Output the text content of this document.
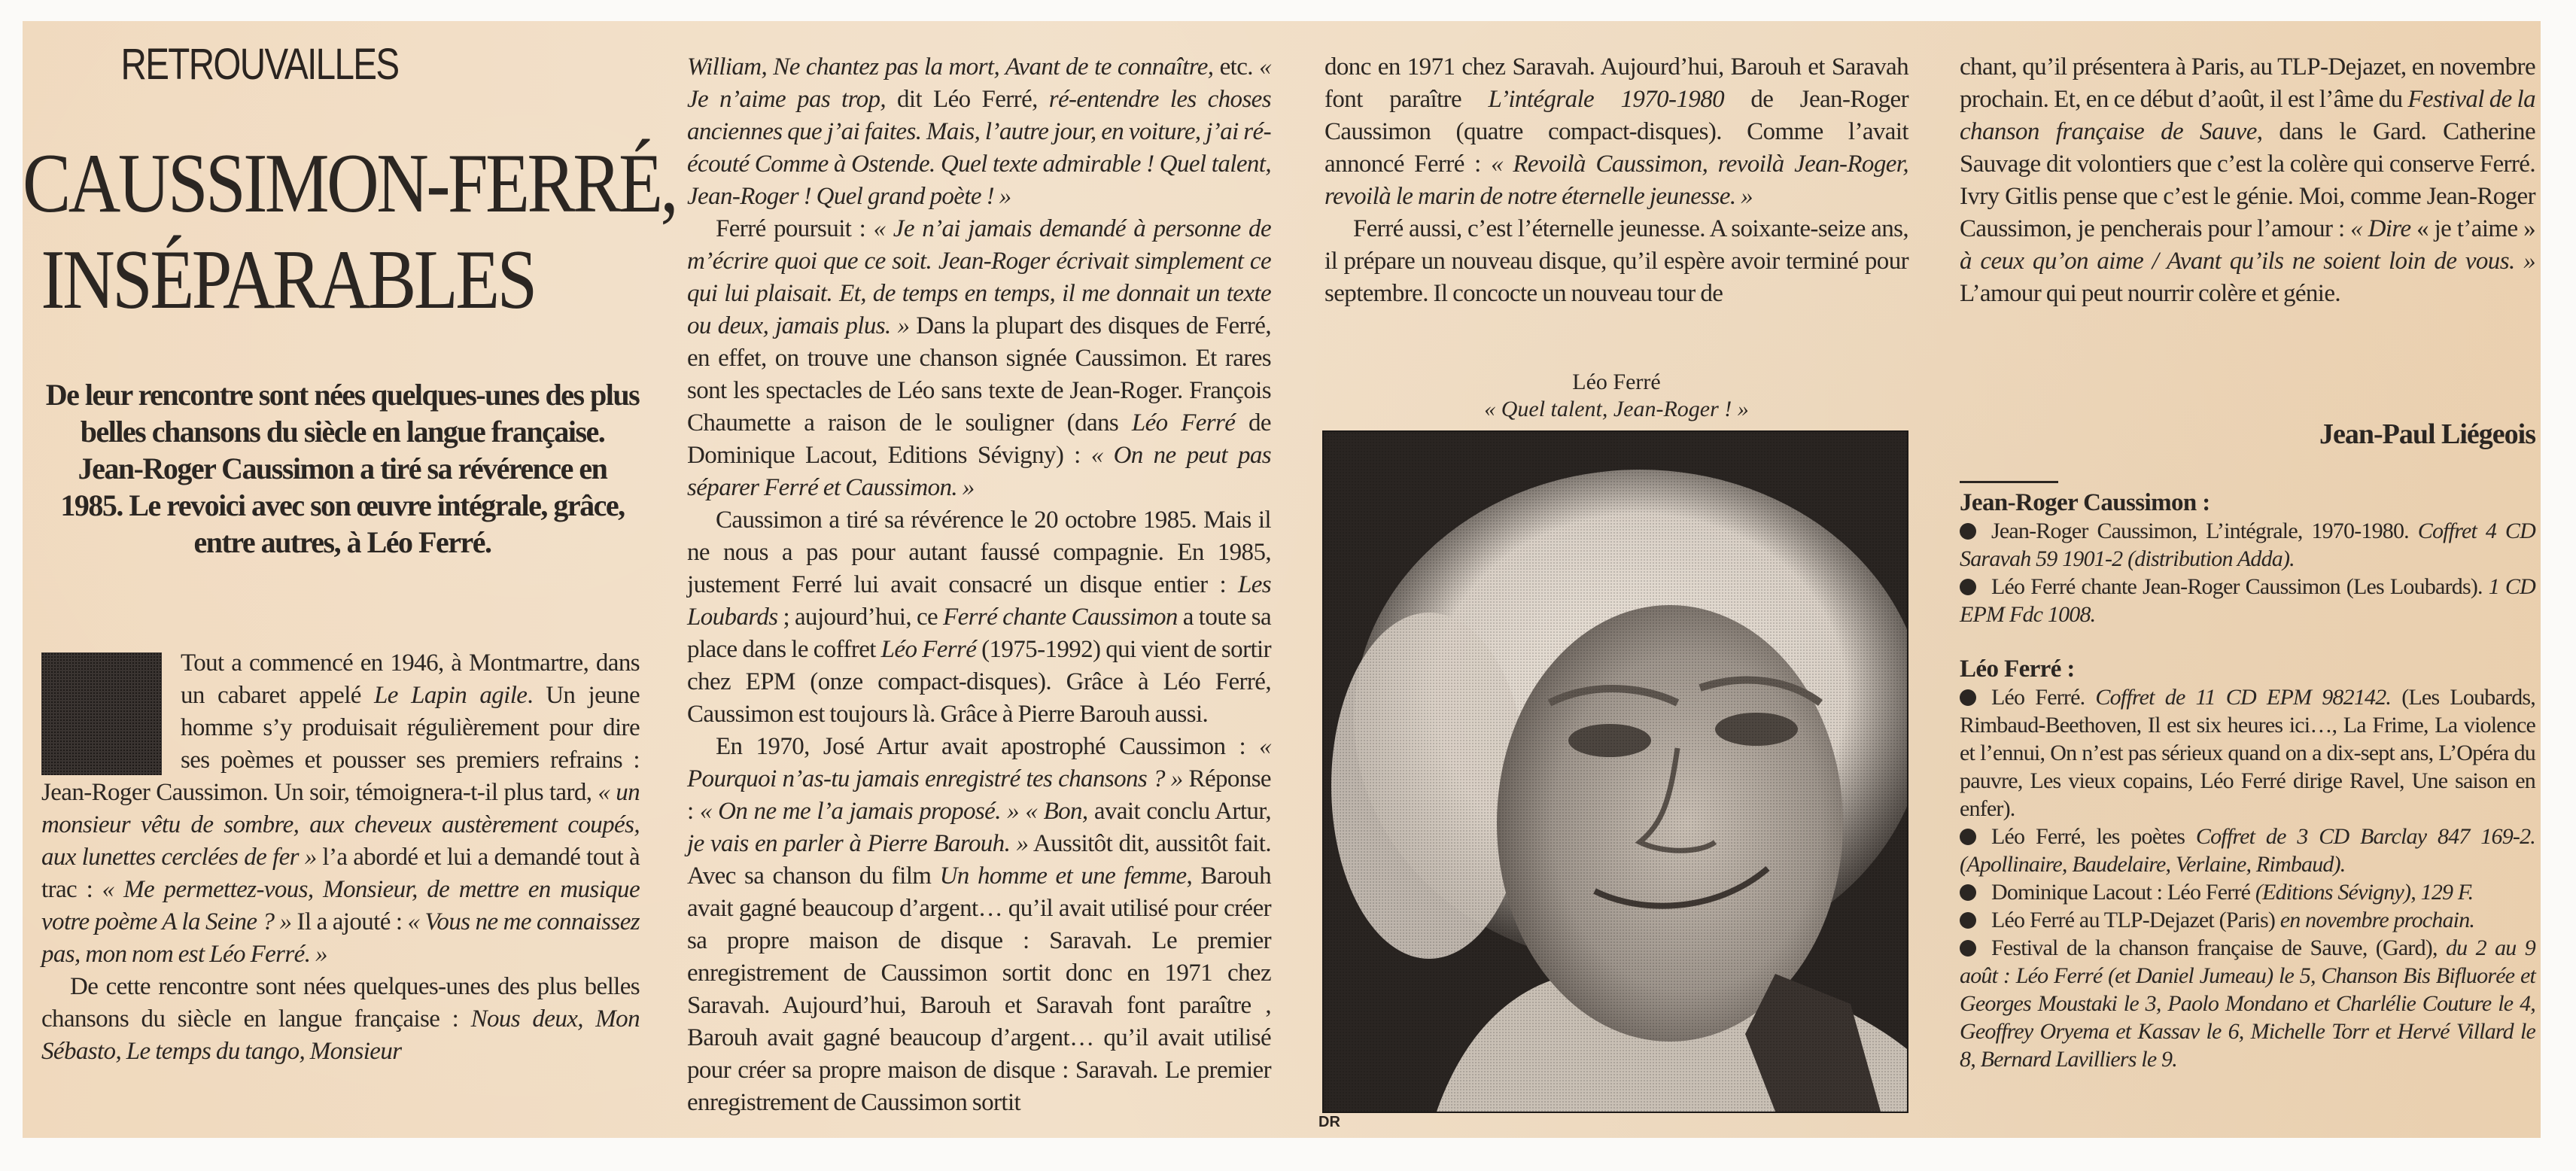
RETROUVAILLES
CAUSSIMON-FERRÉ,
INSÉPARABLES

De leur rencontre sont nées quelques-unes des plus belles chansons du siècle en langue française. Jean-Roger Caussimon a tiré sa révérence en 1985. Le revoici avec son œuvre intégrale, grâce, entre autres, à Léo Ferré.

Tout a commencé en 1946, à Montmartre, dans un cabaret appelé Le Lapin agile. Un jeune homme s’y produisait régulièrement pour dire ses poèmes et pousser ses premiers refrains : Jean-Roger Caussimon. Un soir, témoignera-t-il plus tard, « un monsieur vêtu de sombre, aux cheveux austèrement coupés, aux lunettes cerclées de fer » l’a abordé et lui a demandé tout à trac : « Me permettez-vous, Monsieur, de mettre en musique votre poème A la Seine ? » Il a ajouté : « Vous ne me connaissez pas, mon nom est Léo Ferré. »

De cette rencontre sont nées quelques-unes des plus belles chansons du siècle en langue française : Nous deux, Mon Sébasto, Le temps du tango, Monsieur

William, Ne chantez pas la mort, Avant de te connaître, etc. « Je n’aime pas trop, dit Léo Ferré, ré-entendre les choses anciennes que j’ai faites. Mais, l’autre jour, en voiture, j’ai ré-écouté Comme à Ostende. Quel texte admirable ! Quel talent, Jean-Roger ! Quel grand poète ! »

Ferré poursuit : « Je n’ai jamais demandé à personne de m’écrire quoi que ce soit. Jean-Roger écrivait simplement ce qui lui plaisait. Et, de temps en temps, il me donnait un texte ou deux, jamais plus. » Dans la plupart des disques de Ferré, en effet, on trouve une chanson signée Caussimon. Et rares sont les spectacles de Léo sans texte de Jean-Roger. François Chaumette a raison de le souligner (dans Léo Ferré de Dominique Lacout, Editions Sévigny) : « On ne peut pas séparer Ferré et Caussimon. »

Caussimon a tiré sa révérence le 20 octobre 1985. Mais il ne nous a pas pour autant faussé compagnie. En 1985, justement Ferré lui avait consacré un disque entier : Les Loubards ; aujourd’hui, ce Ferré chante Caussimon a toute sa place dans le coffret Léo Ferré (1975-1992) qui vient de sortir chez EPM (onze compact-disques). Grâce à Léo Ferré, Caussimon est toujours là. Grâce à Pierre Barouh aussi.

En 1970, José Artur avait apostrophé Caussimon : « Pourquoi n’as-tu jamais enregistré tes chansons ? » Réponse : « On ne me l’a jamais proposé. » « Bon, avait conclu Artur, je vais en parler à Pierre Barouh. » Aussitôt dit, aussitôt fait. Avec sa chanson du film Un homme et une femme, Barouh avait gagné beaucoup d’argent… qu’il avait utilisé pour créer sa propre maison de disque : Saravah. Le premier enregistrement de Caussimon sortit donc en 1971 chez Saravah. Aujourd’hui, Barouh et Saravah font paraître , Barouh avait gagné beaucoup d’argent… qu’il avait utilisé pour créer sa propre maison de disque : Saravah. Le premier enregistrement de Caussimon sortit

donc en 1971 chez Saravah. Aujourd’hui, Barouh et Saravah font paraître L’intégrale 1970-1980 de Jean-Roger Caussimon (quatre compact-disques). Comme l’avait annoncé Ferré : « Revoilà Caussimon, revoilà Jean-Roger, revoilà le marin de notre éternelle jeunesse. »

Ferré aussi, c’est l’éternelle jeunesse. A soixante-seize ans, il prépare un nouveau disque, qu’il espère avoir terminé pour septembre. Il concocte un nouveau tour de

chant, qu’il présentera à Paris, au TLP-Dejazet, en novembre prochain. Et, en ce début d’août, il est l’âme du Festival de la chanson française de Sauve, dans le Gard. Catherine Sauvage dit volontiers que c’est la colère qui conserve Ferré. Ivry Gitlis pense que c’est le génie. Moi, comme Jean-Roger Caussimon, je pencherais pour l’amour : « Dire « je t’aime » à ceux qu’on aime / Avant qu’ils ne soient loin de vous. » L’amour qui peut nourrir colère et génie.

Léo Ferré
« Quel talent, Jean-Roger ! »
DR
Jean-Paul Liégeois
Jean-Roger Caussimon :

Jean-Roger Caussimon, L’intégrale, 1970-1980. Coffret 4 CD Saravah 59 1901-2 (distribution Adda).

Léo Ferré chante Jean-Roger Caussimon (Les Loubards). 1 CD EPM Fdc 1008.

Léo Ferré :

Léo Ferré. Coffret de 11 CD EPM 982142. (Les Loubards, Rimbaud-Beethoven, Il est six heures ici…, La Frime, La violence et l’ennui, On n’est pas sérieux quand on a dix-sept ans, L’Opéra du pauvre, Les vieux copains, Léo Ferré dirige Ravel, Une saison en enfer).

Léo Ferré, les poètes Coffret de 3 CD Barclay 847 169-2. (Apollinaire, Baudelaire, Verlaine, Rimbaud).

Dominique Lacout : Léo Ferré (Editions Sévigny), 129 F.

Léo Ferré au TLP-Dejazet (Paris) en novembre prochain.

Festival de la chanson française de Sauve, (Gard), du 2 au 9 août : Léo Ferré (et Daniel Jumeau) le 5, Chanson Bis Bifluorée et Georges Moustaki le 3, Paolo Mondano et Charlélie Couture le 4, Geoffrey Oryema et Kassav le 6, Michelle Torr et Hervé Villard le 8, Bernard Lavilliers le 9.
